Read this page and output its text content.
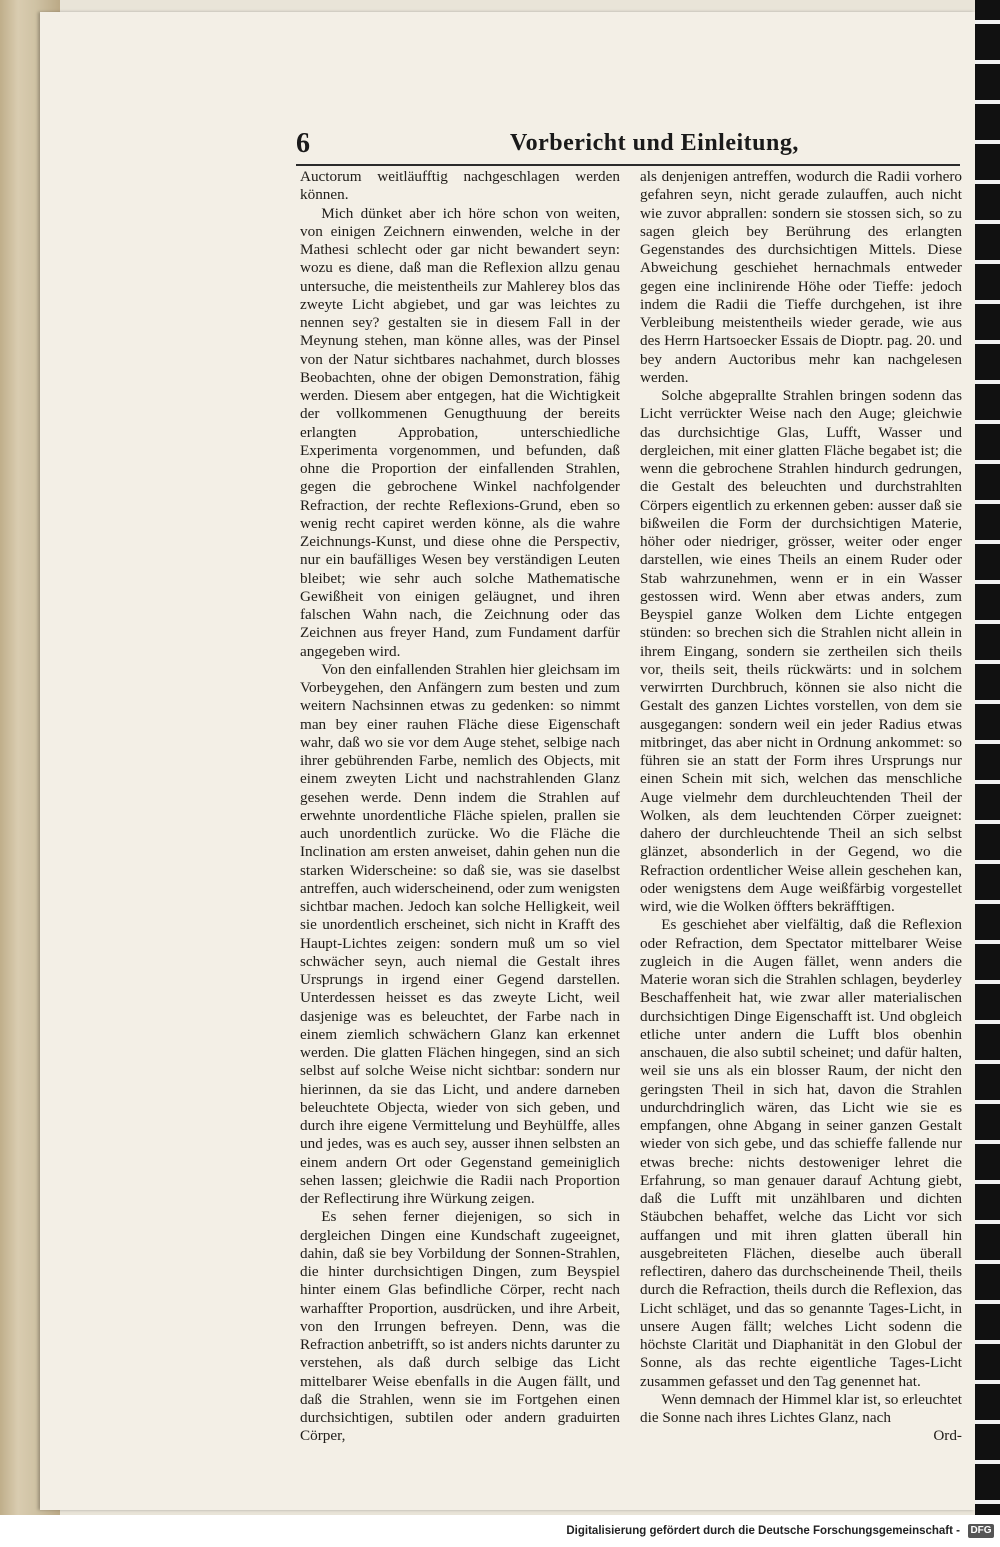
6	Vorbericht und Einleitung,

Auctorum weitläufftig nachgeschlagen werden können.

Mich dünket aber ich höre schon von weiten, von einigen Zeichnern einwenden, welche in der Mathesi schlecht oder gar nicht bewandert seyn: wozu es diene, daß man die Reflexion allzu genau untersuche, die meistentheils zur Mahlerey blos das zweyte Licht abgiebet, und gar was leichtes zu nennen sey? gestalten sie in diesem Fall in der Meynung stehen, man könne alles, was der Pinsel von der Natur sichtbares nachahmet, durch blosses Beobachten, ohne der obigen Demonstration, fähig werden. Diesem aber entgegen, hat die Wichtigkeit der vollkommenen Genugthuung der bereits erlangten Approbation, unterschiedliche Experimenta vorgenommen, und befunden, daß ohne die Proportion der einfallenden Strahlen, gegen die gebrochene Winkel nachfolgender Refraction, der rechte Reflexions-Grund, eben so wenig recht capiret werden könne, als die wahre Zeichnungs-Kunst, und diese ohne die Perspectiv, nur ein baufälliges Wesen bey verständigen Leuten bleibet; wie sehr auch solche Mathematische Gewißheit von einigen geläugnet, und ihren falschen Wahn nach, die Zeichnung oder das Zeichnen aus freyer Hand, zum Fundament darfür angegeben wird.

Von den einfallenden Strahlen hier gleichsam im Vorbeygehen, den Anfängern zum besten und zum weitern Nachsinnen etwas zu gedenken: so nimmt man bey einer rauhen Fläche diese Eigenschaft wahr, daß wo sie vor dem Auge stehet, selbige nach ihrer gebührenden Farbe, nemlich des Objects, mit einem zweyten Licht und nachstrahlenden Glanz gesehen werde. Denn indem die Strahlen auf erwehnte unordentliche Fläche spielen, prallen sie auch unordentlich zurücke. Wo die Fläche die Inclination am ersten anweiset, dahin gehen nun die starken Widerscheine: so daß sie, was sie daselbst antreffen, auch widerscheinend, oder zum wenigsten sichtbar machen. Jedoch kan solche Helligkeit, weil sie unordentlich erscheinet, sich nicht in Krafft des Haupt-Lichtes zeigen: sondern muß um so viel schwächer seyn, auch niemal die Gestalt ihres Ursprungs in irgend einer Gegend darstellen. Unterdessen heisset es das zweyte Licht, weil dasjenige was es beleuchtet, der Farbe nach in einem ziemlich schwächern Glanz kan erkennet werden. Die glatten Flächen hingegen, sind an sich selbst auf solche Weise nicht sichtbar: sondern nur hierinnen, da sie das Licht, und andere darneben beleuchtete Objecta, wieder von sich geben, und durch ihre eigene Vermittelung und Beyhülffe, alles und jedes, was es auch sey, ausser ihnen selbsten an einem andern Ort oder Gegenstand gemeiniglich sehen lassen; gleichwie die Radii nach Proportion der Reflectirung ihre Würkung zeigen.

Es sehen ferner diejenigen, so sich in dergleichen Dingen eine Kundschaft zugeeignet, dahin, daß sie bey Vorbildung der Sonnen-Strahlen, die hinter durchsichtigen Dingen, zum Beyspiel hinter einem Glas befindliche Cörper, recht nach warhaffter Proportion, ausdrücken, und ihre Arbeit, von den Irrungen befreyen. Denn, was die Refraction anbetrifft, so ist anders nichts darunter zu verstehen, als daß durch selbige das Licht mittelbarer Weise ebenfalls in die Augen fällt, und daß die Strahlen, wenn sie im Fortgehen einen durchsichtigen, subtilen oder andern graduirten Cörper,

als denjenigen antreffen, wodurch die Radii vorhero gefahren seyn, nicht gerade zulauffen, auch nicht wie zuvor abprallen: sondern sie stossen sich, so zu sagen gleich bey Berührung des erlangten Gegenstandes des durchsichtigen Mittels. Diese Abweichung geschiehet hernachmals entweder gegen eine inclinirende Höhe oder Tieffe: jedoch indem die Radii die Tieffe durchgehen, ist ihre Verbleibung meistentheils wieder gerade, wie aus des Herrn Hartsoecker Essais de Dioptr. pag. 20. und bey andern Auctoribus mehr kan nachgelesen werden.

Solche abgeprallte Strahlen bringen sodenn das Licht verrückter Weise nach den Auge; gleichwie das durchsichtige Glas, Lufft, Wasser und dergleichen, mit einer glatten Fläche begabet ist; die wenn die gebrochene Strahlen hindurch gedrungen, die Gestalt des beleuchten und durchstrahlten Cörpers eigentlich zu erkennen geben: ausser daß sie bißweilen die Form der durchsichtigen Materie, höher oder niedriger, grösser, weiter oder enger darstellen, wie eines Theils an einem Ruder oder Stab wahrzunehmen, wenn er in ein Wasser gestossen wird. Wenn aber etwas anders, zum Beyspiel ganze Wolken dem Lichte entgegen stünden: so brechen sich die Strahlen nicht allein in ihrem Eingang, sondern sie zertheilen sich theils vor, theils seit, theils rückwärts: und in solchem verwirrten Durchbruch, können sie also nicht die Gestalt des ganzen Lichtes vorstellen, von dem sie ausgegangen: sondern weil ein jeder Radius etwas mitbringet, das aber nicht in Ordnung ankommet: so führen sie an statt der Form ihres Ursprungs nur einen Schein mit sich, welchen das menschliche Auge vielmehr dem durchleuchtenden Theil der Wolken, als dem leuchtenden Cörper zueignet: dahero der durchleuchtende Theil an sich selbst glänzet, absonderlich in der Gegend, wo die Refraction ordentlicher Weise allein geschehen kan, oder wenigstens dem Auge weißfärbig vorgestellet wird, wie die Wolken öffters bekräfftigen.

Es geschiehet aber vielfältig, daß die Reflexion oder Refraction, dem Spectator mittelbarer Weise zugleich in die Augen fället, wenn anders die Materie woran sich die Strahlen schlagen, beyderley Beschaffenheit hat, wie zwar aller materialischen durchsichtigen Dinge Eigenschafft ist. Und obgleich etliche unter andern die Lufft blos obenhin anschauen, die also subtil scheinet; und dafür halten, weil sie uns als ein blosser Raum, der nicht den geringsten Theil in sich hat, davon die Strahlen undurchdringlich wären, das Licht wie sie es empfangen, ohne Abgang in seiner ganzen Gestalt wieder von sich gebe, und das schieffe fallende nur etwas breche: nichts destoweniger lehret die Erfahrung, so man genauer darauf Achtung giebt, daß die Lufft mit unzählbaren und dichten Stäubchen behaffet, welche das Licht vor sich auffangen und mit ihren glatten überall hin ausgebreiteten Flächen, dieselbe auch überall reflectiren, dahero das durchscheinende Theil, theils durch die Refraction, theils durch die Reflexion, das Licht schläget, und das so genannte Tages-Licht, in unsere Augen fällt; welches Licht sodenn die höchste Clarität und Diaphanität in den Globul der Sonne, als das rechte eigentliche Tages-Licht zusammen gefasset und den Tag genennet hat.

Wenn demnach der Himmel klar ist, so erleuchtet die Sonne nach ihres Lichtes Glanz, nach

Ord-
Digitalisierung gefördert durch die Deutsche Forschungsgemeinschaft - DFG
